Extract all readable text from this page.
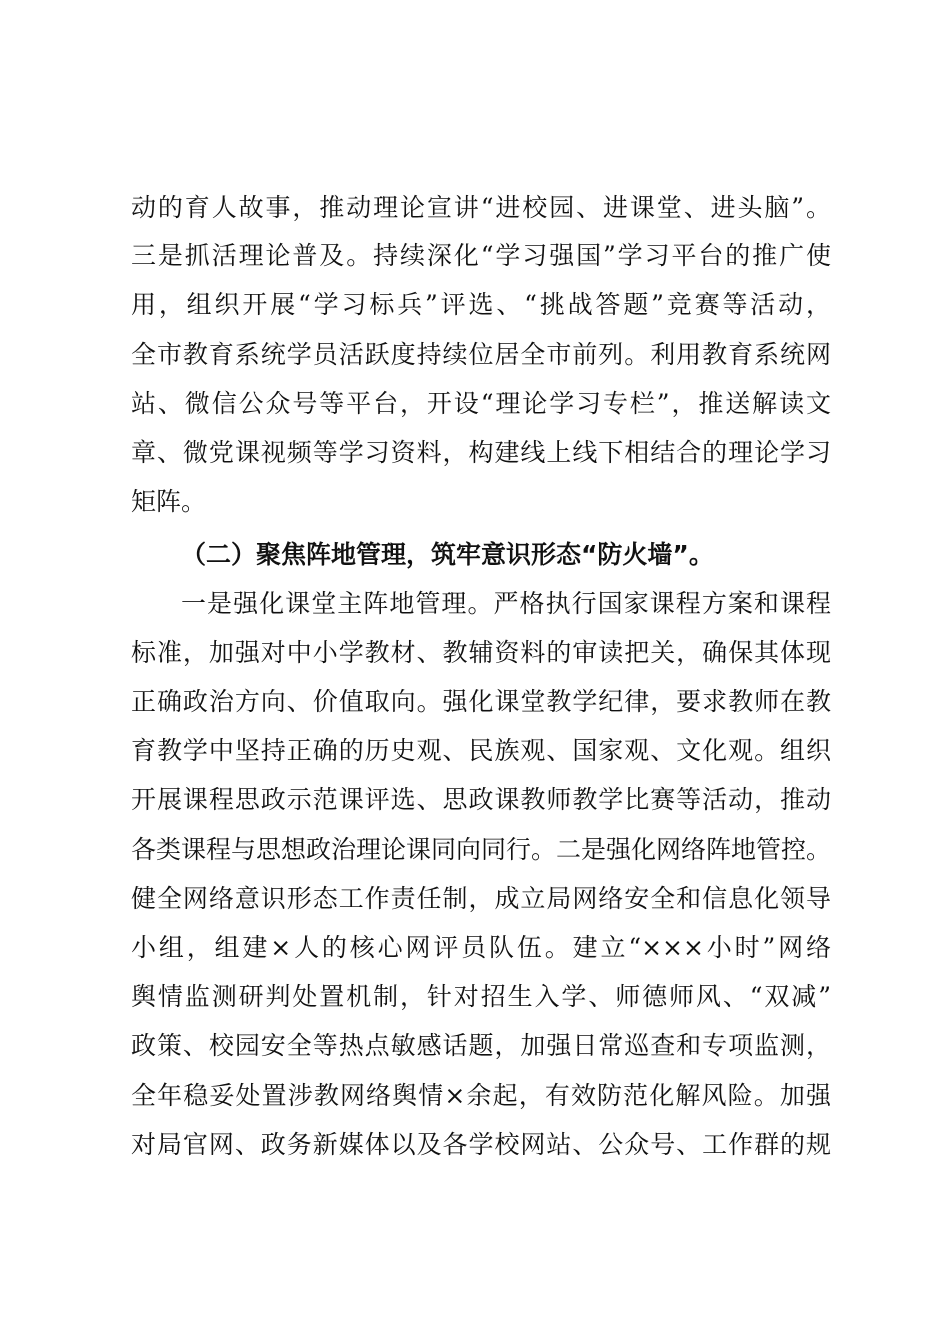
动的育人故事，推动理论宣讲“进校园、进课堂、进头脑”。
三是抓活理论普及。持续深化“学习强国”学习平台的推广使
用，组织开展“学习标兵”评选、“挑战答题”竞赛等活动，
全市教育系统学员活跃度持续位居全市前列。利用教育系统网
站、微信公众号等平台，开设“理论学习专栏”，推送解读文
章、微党课视频等学习资料，构建线上线下相结合的理论学习
矩阵。
（二）聚焦阵地管理，筑牢意识形态“防火墙”。
一是强化课堂主阵地管理。严格执行国家课程方案和课程
标准，加强对中小学教材、教辅资料的审读把关，确保其体现
正确政治方向、价值取向。强化课堂教学纪律，要求教师在教
育教学中坚持正确的历史观、民族观、国家观、文化观。组织
开展课程思政示范课评选、思政课教师教学比赛等活动，推动
各类课程与思想政治理论课同向同行。二是强化网络阵地管控。
健全网络意识形态工作责任制，成立局网络安全和信息化领导
小组，组建×人的核心网评员队伍。建立“×××小时”网络
舆情监测研判处置机制，针对招生入学、师德师风、“双减”
政策、校园安全等热点敏感话题，加强日常巡查和专项监测，
全年稳妥处置涉教网络舆情×余起，有效防范化解风险。加强
对局官网、政务新媒体以及各学校网站、公众号、工作群的规
